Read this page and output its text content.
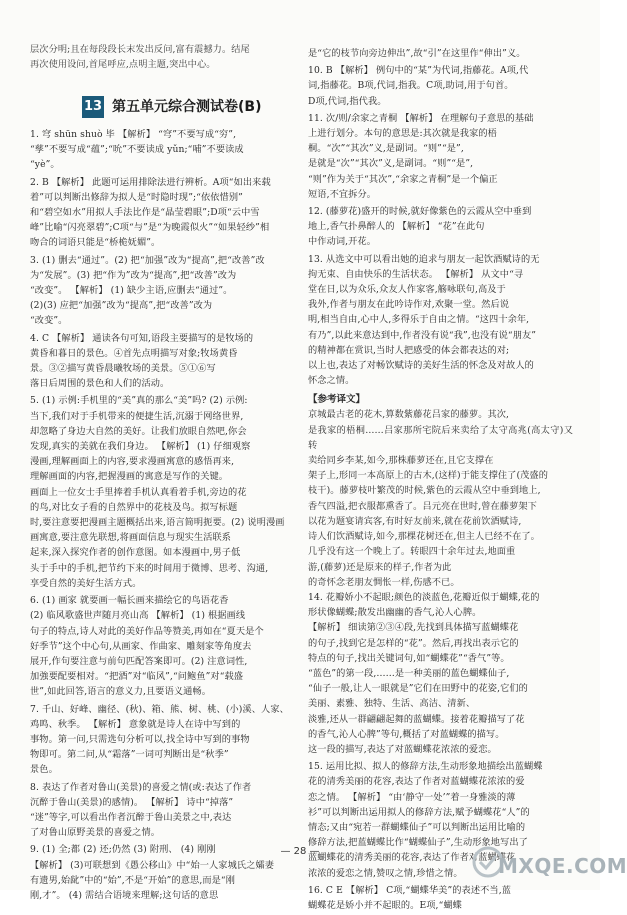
层次分明;且在每段段长末发出反问,富有震撼力。结尾

再次使用设问,首尾呼应,点明主题,突出中心。

13 第五单元综合测试卷(B)

1. 穹 shūn shuò 毕 【解析】 “穹”不要写成“穷”,

“孳”不要写成“蕴”;“吮”不要读成 yǔn;“哺”不要读成

“yè”。

2. B 【解析】 此题可运用排除法进行辨析。A项“如出来载

着”可以判断出修辞为拟人是“时隐时现”;“依依惜别”

和“碧空如水”用拟人手法比作是“晶莹碧眼”;D项“云中雪

峰”比喻“闪亮翠碧”;C项“与”是“为晚霞似火”“如果轻纱”相

吻合的词语只能是“桥桅妩媚”。

3. (1) 删去“通过”。(2) 把“加强”改为“提高”,把“改善”改

为“发展”。(3) 把“作为”改为“提高”,把“改善”改为

“改变”。 【解析】 (1) 缺少主语,应删去“通过”。

(2)(3) 应把“加强”改为“提高”,把“改善”改为

“改变”。

4. C 【解析】 通读各句可知,语段主要描写的是牧场的

黄昏和暮日的景色。④首先点明描写对象;牧场黄昏

景。③②描写黄昏晨曦牧场的美景。⑤①⑥写

落日后周围的景色和人们的活动。

5. (1) 示例:手机里的“美”真的那么“美”吗? (2) 示例:

当下,我们对于手机带来的便捷生活,沉溺于网络世界,

却忽略了身边大自然的美好。让我们放眼自然吧,你会

发现,真实的美就在我们身边。 【解析】 (1) 仔细观察

漫画,理解画面上的内容,要求漫画寓意的感悟再来,

理解画面的内容,把握漫画的寓意是写作的关键。

画面上一位女士手里捧着手机认真看着手机,旁边的花

的鸟,对比女子看的自然界中的花枝及鸟。拟写标题

时,要注意要把漫画主题概括出来,语言简明扼要。(2) 说明漫画

画寓意,要注意先联想,将画面信息与现实生活联系

起来,深入探究作者的创作意图。如本漫画中,男子低

头于手中的手机,把节约下来的时间用于微博、思考、沟通,

享受自然的美好生活方式。

6. (1) 画家 就要画一幅长画来描绘它的鸟语花香

(2) 临风歌盛世声随月亮山高 【解析】 (1) 根据画线

句子的特点,诗人对此的美好作品等赞美,再如在“夏天是个

好季节”这个中心句,从画家、作曲家、雕刻家等角度去

展开,作句要注意与前句匹配答案即可。(2) 注意词性,

加強要配要相对。“把酒”对“临风”,“问鲍鱼”对“载盛

世”,如此回答,语言的意义力,且要语义通畅。

7. 千山、好峰、幽径、(秋)、箱、熊、树、桃、(小)溪、人家、

鸡鸣、秋季。 【解析】 意象就是诗人在诗中写到的

事物。第一问,只需选句分析可以,找全诗中写到的事物

物即可。第二问,从“霜落”一词可判断出是“秋季”

景色。

8. 表达了作者对鲁山(美景)的喜爱之情(或:表达了作者

沉醉于鲁山(美景)的感情)。 【解析】 诗中“掉落”

“迷”等字,可以看出作者沉醉于鲁山美景之中,表达

了对鲁山原野美景的喜爱之情。

9. (1) 全;都 (2) 还;仍然 (3) 附刑、 (4) 刚刚

【解析】 (3)可联想到《愚公移山》中“始一人家城氏之孀妻

有遗男,始龀”中的“始”,不是“开始”的意思,而是“刚

刚,才”。 (4) 需结合语境来理解;这句话的意思

是“它的枝节向旁边伸出”,故“引”在这里作“伸出”义。

10. B 【解析】 例句中的“某”为代词,指藤花。A项,代

词,指藤花。B项,代词,指我。C项,助词,用于句首。

D项,代词,指代我。

11. 次/则/余家之青桐 【解析】 在理解句子意思的基础

上进行划分。本句的意思是:其次就是我家的梧

桐。“次”“其次”义,是副词。“则”“是”,

是就是“次”“其次”义,是副词。“则”“是”,

“则”作为关于“其次”,“余家之青桐”是一个偏正

短语,不宜拆分。

12. (藤萝花)盛开的时候,就好像紫色的云霞从空中垂到

地上,香气扑鼻醉人的 【解析】 “花”在此句

中作动词,开花。

13. 从选文中可以看出她的追求与朋友一起饮酒赋诗的无

拘无束、自由快乐的生活状态。 【解析】 从文中“寻

堂在日,以为众乐,众友人作家客,觞咏联句,高及于

我外,作者与朋友在此吟诗作对,欢聚一堂。然后说

明,相当自由,心中人,多得乐于自由之情。“这四十余年,

有乃”,以此来意达到中,作者没有说“我”,也没有说“朋友”

的精神都在赏识,当时人把感受的体会都表达的对;

以上也,表达了对畅饮赋诗的美好生活的怀念及对故人的

怀念之情。

【参考译文】

京城最古老的花木,算数紫藤花吕家的藤萝。其次,

是我家的梧桐……吕家那所宅院后来卖给了太守高兆(高太守)又转

卖给同乡李某,如今,那株藤萝还在,且它支撑在

架子上,形同一本高原上的古木,(这样)于能支撑住了(茂盛的

枝干)。藤萝枝叶繁茂的时候,紫色的云霞从空中垂到地上,

香气四溢,把衣服都熏香了。吕元亮在世时,曾在藤萝架下

以花为题宴请宾客,有时好友前来,就在花前饮酒赋诗,

诗人们饮酒赋诗,如今,那棵花树还在,但主人已经不在了。

几乎没有这一个晚上了。转眼四十余年过去,地面重

游,(藤萝)还是原来的样子,作者为此

的奇怀念老朋友惆怅一样,伤感不已。

14. 花瓣娇小不起眼;颜色的淡蓝色,花瓣近似于蝴蝶,花的

形状像蝴蝶;散发出幽幽的香气,沁人心脾。

【解析】 细读第②③④段,先找到具体描写蓝蝴蝶花

的句子,找到它是怎样的“花”。然后,再找出表示它的

特点的句子,找出关键词句,如“蝴蝶花”“香气”等。

“蓝色”的第一段,……是一种美丽的蓝色蝴蝶仙子,

“仙子一般,让人一眼就是”它们在田野中的花姿,它们的

美丽、素雅、独特、生活、高洁、清新、

淡雅,还从一群翩翩起舞的蓝蝴蝶。接着花瓣描写了花

的香气,沁人心脾”等句,概括了对蓝蝴蝶的描写。

这一段的描写,表达了对蓝蝴蝶花浓浓的爱恋。

15. 运用比拟、拟人的修辞方法,生动形象地描绘出蓝蝴蝶

花的清秀美丽的花容,表达了作者对蓝蝴蝶花浓浓的爱

恋之情。 【解析】 “由‘静守一处’”着一身雅淡的薄

衫”可以判断出运用拟人的修辞方法,赋予蝴蝶花“人”的

情态;又由“宛若一群蝴蝶仙子”可以判断出运用比喻的

修辞方法,把蓝蝴蝶比作“蝴蝶仙子”,生动形象地写出了

蓝蝴蝶花的清秀美丽的花容,表达了作者对蓝蝴蝶花

浓浓的爱恋之情,赞叹之情,珍惜之情。

16. C E 【解析】 C项,“蝴蝶华美”的表述不当,蓝

蝴蝶花是娇小并不起眼的。E项,“蝴蝶

— 28 —
MXQE.COM
